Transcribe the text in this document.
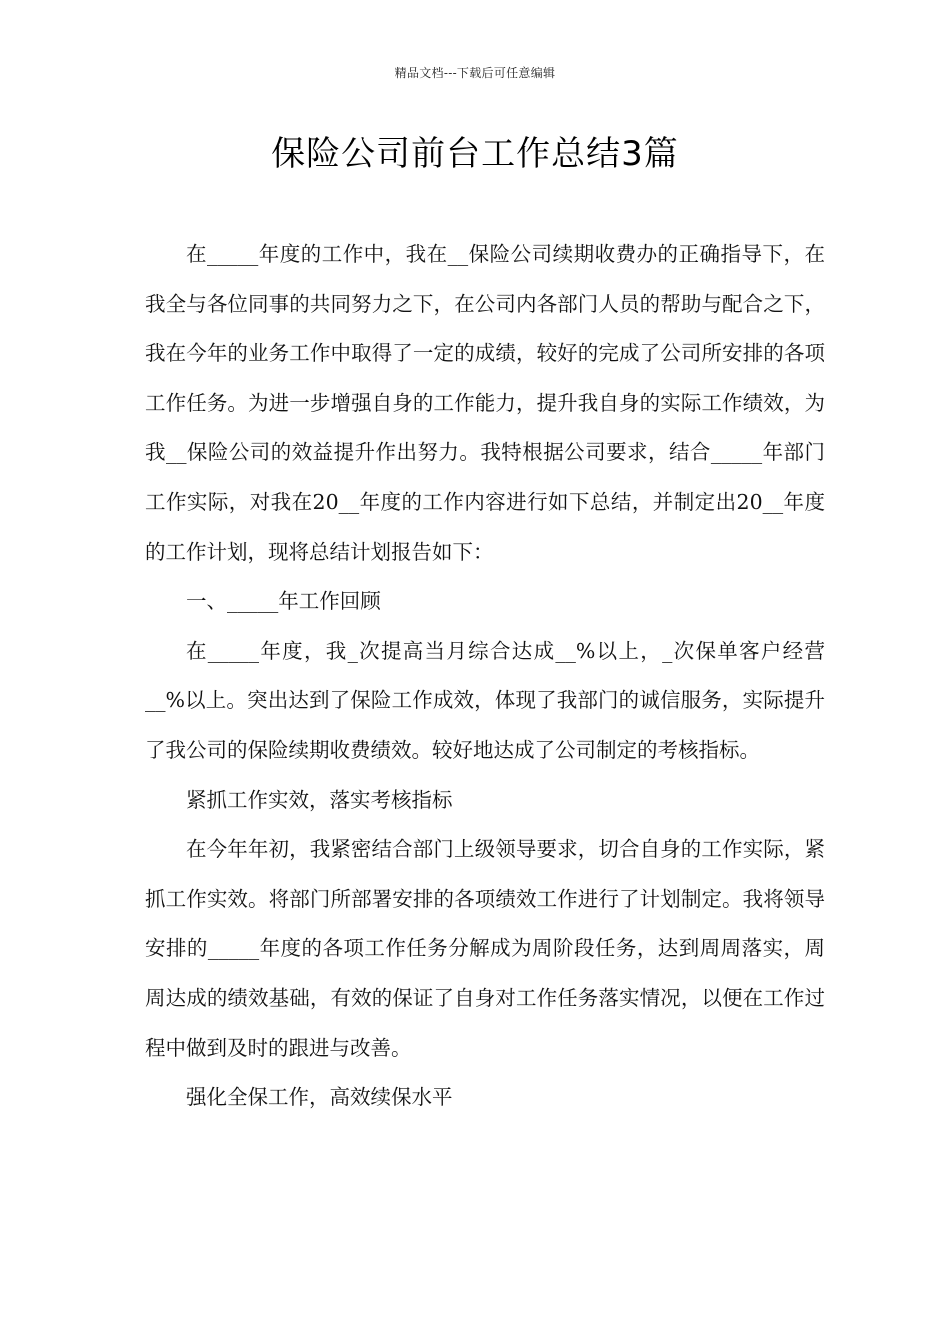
精品文档---下载后可任意编辑
保险公司前台工作总结3篇

在_____年度的工作中，我在__保险公司续期收费办的正确指导下，在我全与各位同事的共同努力之下，在公司内各部门人员的帮助与配合之下，我在今年的业务工作中取得了一定的成绩，较好的完成了公司所安排的各项工作任务。为进一步增强自身的工作能力，提升我自身的实际工作绩效，为我__保险公司的效益提升作出努力。我特根据公司要求，结合_____年部门工作实际，对我在20__年度的工作内容进行如下总结，并制定出20__年度的工作计划，现将总结计划报告如下：

一、_____年工作回顾

在_____年度，我_次提高当月综合达成__%以上，_次保单客户经营__%以上。突出达到了保险工作成效，体现了我部门的诚信服务，实际提升了我公司的保险续期收费绩效。较好地达成了公司制定的考核指标。

紧抓工作实效，落实考核指标

在今年年初，我紧密结合部门上级领导要求，切合自身的工作实际，紧抓工作实效。将部门所部署安排的各项绩效工作进行了计划制定。我将领导安排的_____年度的各项工作任务分解成为周阶段任务，达到周周落实，周周达成的绩效基础，有效的保证了自身对工作任务落实情况，以便在工作过程中做到及时的跟进与改善。

强化全保工作，高效续保水平
